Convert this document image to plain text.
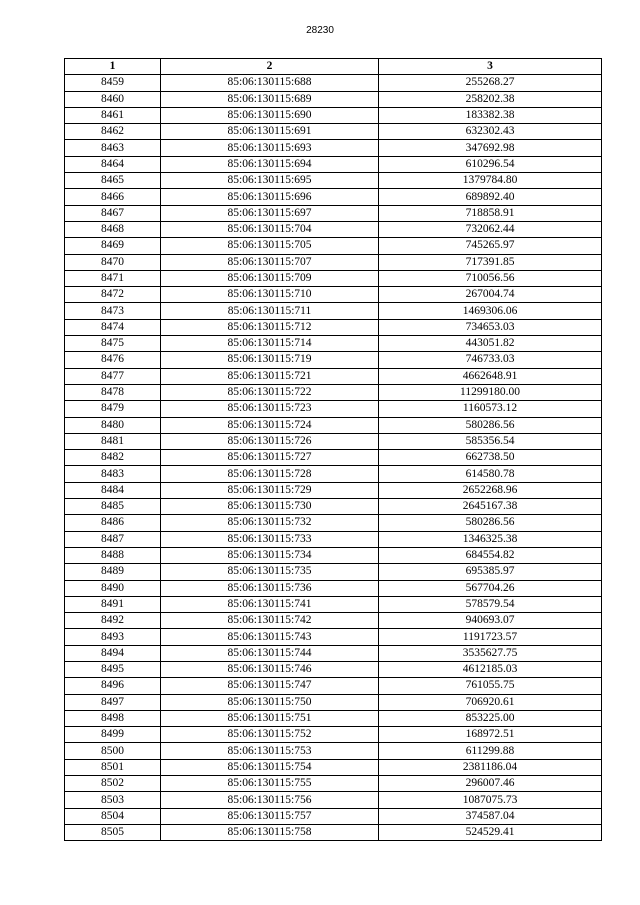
28230
1	2	3
8459	85:06:130115:688	255268.27
8460	85:06:130115:689	258202.38
8461	85:06:130115:690	183382.38
8462	85:06:130115:691	632302.43
8463	85:06:130115:693	347692.98
8464	85:06:130115:694	610296.54
8465	85:06:130115:695	1379784.80
8466	85:06:130115:696	689892.40
8467	85:06:130115:697	718858.91
8468	85:06:130115:704	732062.44
8469	85:06:130115:705	745265.97
8470	85:06:130115:707	717391.85
8471	85:06:130115:709	710056.56
8472	85:06:130115:710	267004.74
8473	85:06:130115:711	1469306.06
8474	85:06:130115:712	734653.03
8475	85:06:130115:714	443051.82
8476	85:06:130115:719	746733.03
8477	85:06:130115:721	4662648.91
8478	85:06:130115:722	11299180.00
8479	85:06:130115:723	1160573.12
8480	85:06:130115:724	580286.56
8481	85:06:130115:726	585356.54
8482	85:06:130115:727	662738.50
8483	85:06:130115:728	614580.78
8484	85:06:130115:729	2652268.96
8485	85:06:130115:730	2645167.38
8486	85:06:130115:732	580286.56
8487	85:06:130115:733	1346325.38
8488	85:06:130115:734	684554.82
8489	85:06:130115:735	695385.97
8490	85:06:130115:736	567704.26
8491	85:06:130115:741	578579.54
8492	85:06:130115:742	940693.07
8493	85:06:130115:743	1191723.57
8494	85:06:130115:744	3535627.75
8495	85:06:130115:746	4612185.03
8496	85:06:130115:747	761055.75
8497	85:06:130115:750	706920.61
8498	85:06:130115:751	853225.00
8499	85:06:130115:752	168972.51
8500	85:06:130115:753	611299.88
8501	85:06:130115:754	2381186.04
8502	85:06:130115:755	296007.46
8503	85:06:130115:756	1087075.73
8504	85:06:130115:757	374587.04
8505	85:06:130115:758	524529.41
